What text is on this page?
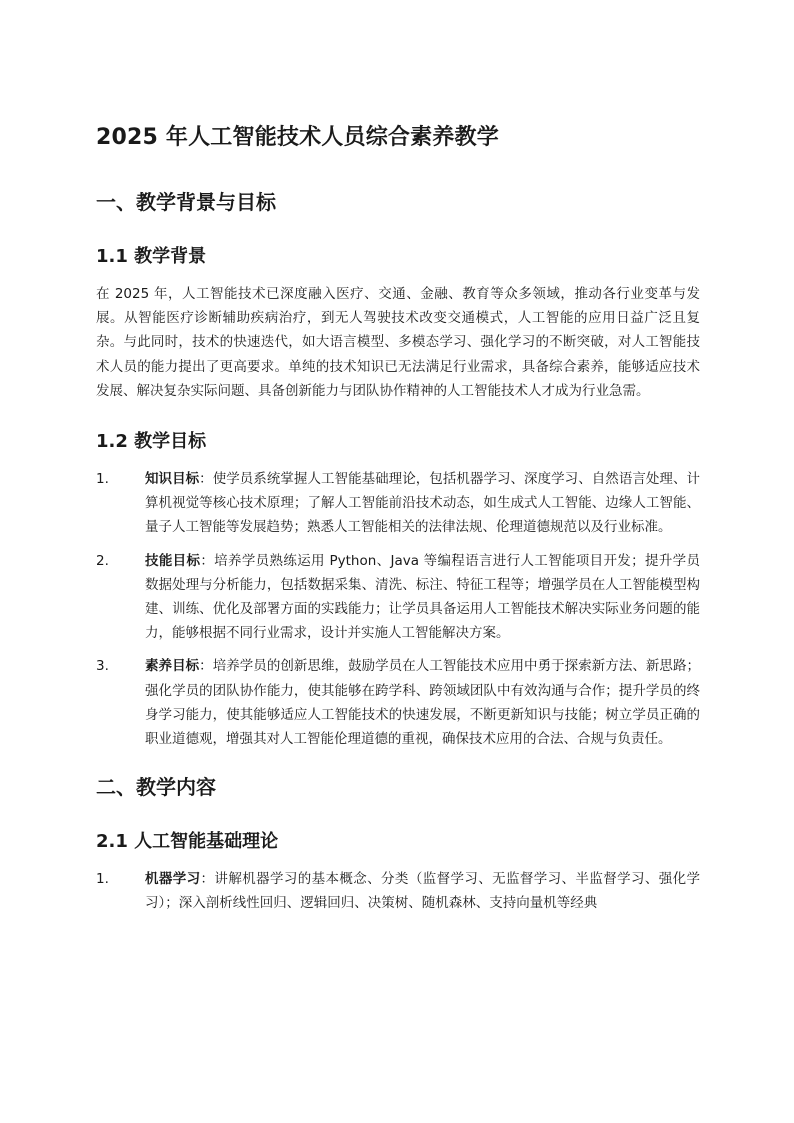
2025 年人工智能技术人员综合素养教学
一、教学背景与目标
1.1 教学背景

在 2025 年，人工智能技术已深度融入医疗、交通、金融、教育等众多领域，推动各行业变革与发展。从智能医疗诊断辅助疾病治疗，到无人驾驶技术改变交通模式，人工智能的应用日益广泛且复杂。与此同时，技术的快速迭代，如大语言模型、多模态学习、强化学习的不断突破，对人工智能技术人员的能力提出了更高要求。单纯的技术知识已无法满足行业需求，具备综合素养，能够适应技术发展、解决复杂实际问题、具备创新能力与团队协作精神的人工智能技术人才成为行业急需。

1.2 教学目标
1.	知识目标：使学员系统掌握人工智能基础理论，包括机器学习、深度学习、自然语言处理、计算机视觉等核心技术原理；了解人工智能前沿技术动态，如生成式人工智能、边缘人工智能、量子人工智能等发展趋势；熟悉人工智能相关的法律法规、伦理道德规范以及行业标准。
2.	技能目标：培养学员熟练运用 Python、Java 等编程语言进行人工智能项目开发；提升学员数据处理与分析能力，包括数据采集、清洗、标注、特征工程等；增强学员在人工智能模型构建、训练、优化及部署方面的实践能力；让学员具备运用人工智能技术解决实际业务问题的能力，能够根据不同行业需求，设计并实施人工智能解决方案。
3.	素养目标：培养学员的创新思维，鼓励学员在人工智能技术应用中勇于探索新方法、新思路；强化学员的团队协作能力，使其能够在跨学科、跨领域团队中有效沟通与合作；提升学员的终身学习能力，使其能够适应人工智能技术的快速发展，不断更新知识与技能；树立学员正确的职业道德观，增强其对人工智能伦理道德的重视，确保技术应用的合法、合规与负责任。
二、教学内容
2.1 人工智能基础理论
1.	机器学习：讲解机器学习的基本概念、分类（监督学习、无监督学习、半监督学习、强化学习）；深入剖析线性回归、逻辑回归、决策树、随机森林、支持向量机等经典
